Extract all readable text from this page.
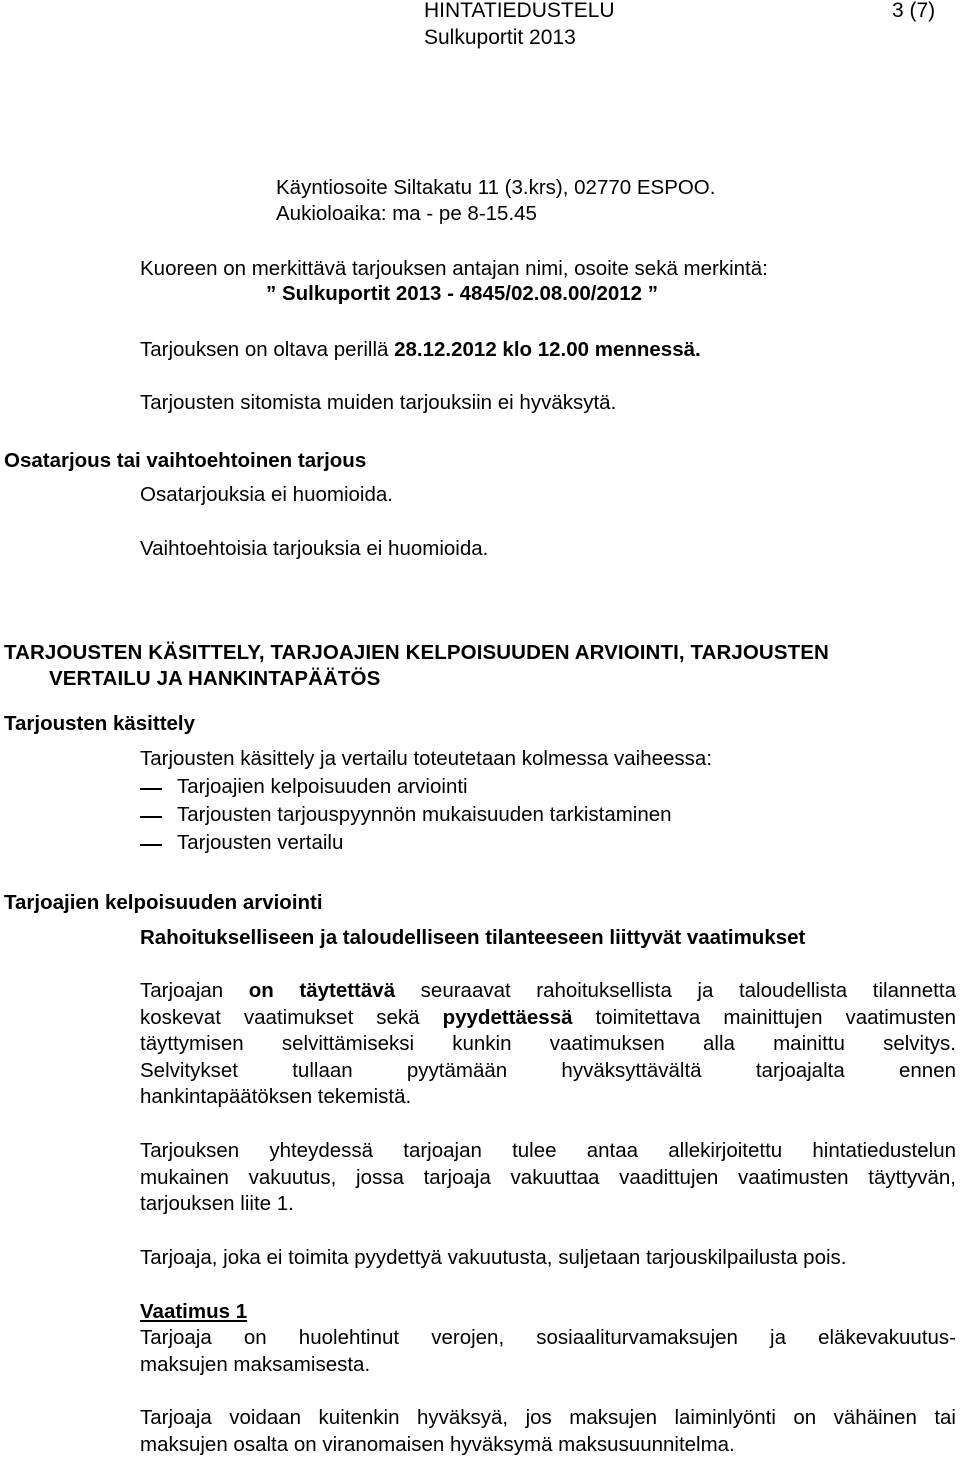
HINTATIEDUSTELU	3 (7)
Sulkuportit 2013
Käyntiosoite Siltakatu 11 (3.krs), 02770 ESPOO.
Aukioloaika: ma - pe 8-15.45
Kuoreen on merkittävä tarjouksen antajan nimi, osoite sekä merkintä:
” Sulkuportit 2013 - 4845/02.08.00/2012 ”
Tarjouksen on oltava perillä 28.12.2012 klo 12.00 mennessä.
Tarjousten sitomista muiden tarjouksiin ei hyväksytä.
Osatarjous tai vaihtoehtoinen tarjous
Osatarjouksia ei huomioida.
Vaihtoehtoisia tarjouksia ei huomioida.
TARJOUSTEN KÄSITTELY, TARJOAJIEN KELPOISUUDEN ARVIOINTI, TARJOUSTEN
VERTAILU JA HANKINTAPÄÄTÖS
Tarjousten käsittely
Tarjousten käsittely ja vertailu toteutetaan kolmessa vaiheessa:
Tarjoajien kelpoisuuden arviointi
Tarjousten tarjouspyynnön mukaisuuden tarkistaminen
Tarjousten vertailu
Tarjoajien kelpoisuuden arviointi
Rahoitukselliseen ja taloudelliseen tilanteeseen liittyvät vaatimukset
Tarjoajan on täytettävä seuraavat rahoituksellista ja taloudellista tilannetta
koskevat vaatimukset sekä pyydettäessä toimitettava mainittujen vaatimusten
täyttymisen selvittämiseksi kunkin vaatimuksen alla mainittu selvitys.
Selvitykset tullaan pyytämään hyväksyttävältä tarjoajalta ennen
hankintapäätöksen tekemistä.
Tarjouksen yhteydessä tarjoajan tulee antaa allekirjoitettu hintatiedustelun
mukainen vakuutus, jossa tarjoaja vakuuttaa vaadittujen vaatimusten täyttyvän,
tarjouksen liite 1.
Tarjoaja, joka ei toimita pyydettyä vakuutusta, suljetaan tarjouskilpailusta pois.
Vaatimus 1
Tarjoaja on huolehtinut verojen, sosiaaliturvamaksujen ja eläkevakuutus-
maksujen maksamisesta.
Tarjoaja voidaan kuitenkin hyväksyä, jos maksujen laiminlyönti on vähäinen tai
maksujen osalta on viranomaisen hyväksymä maksusuunnitelma.
